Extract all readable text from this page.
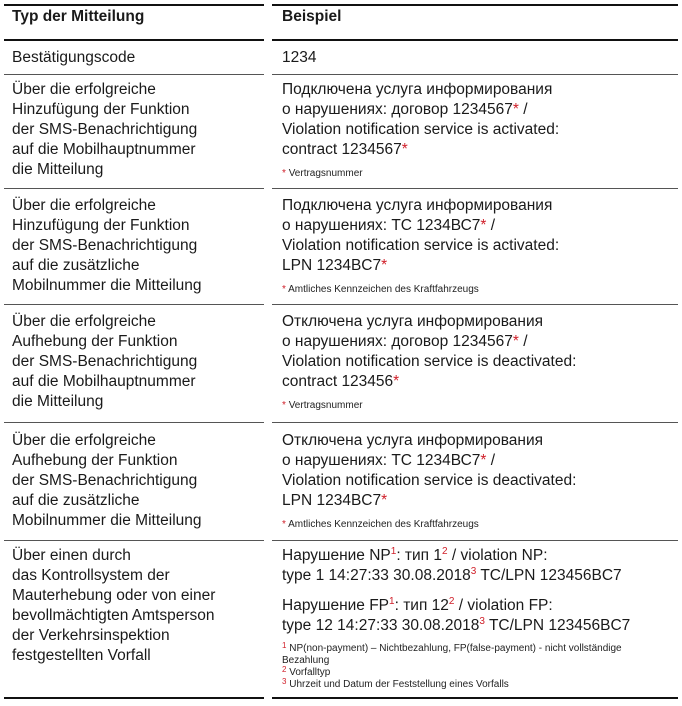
Typ der Mitteilung	Beispiel
Bestätigungscode	1234
Über die erfolgreiche
Hinzufügung der Funktion
der SMS-Benachrichtigung
auf die Mobilhauptnummer
die Mitteilung
Подключена услуга информирования
о нарушениях: договор 1234567* /
Violation notification service is activated:
contract 1234567*
* Vertragsnummer
Über die erfolgreiche
Hinzufügung der Funktion
der SMS-Benachrichtigung
auf die zusätzliche
Mobilnummer die Mitteilung
Подключена услуга информирования
о нарушениях: ТС 1234ВС7* /
Violation notification service is activated:
LPN 1234BC7*
* Amtliches Kennzeichen des Kraftfahrzeugs
Über die erfolgreiche
Aufhebung der Funktion
der SMS-Benachrichtigung
auf die Mobilhauptnummer
die Mitteilung
Отключена услуга информирования
о нарушениях: договор 1234567* /
Violation notification service is deactivated:
contract 123456*
* Vertragsnummer
Über die erfolgreiche
Aufhebung der Funktion
der SMS-Benachrichtigung
auf die zusätzliche
Mobilnummer die Mitteilung
Отключена услуга информирования
о нарушениях: ТС 1234ВС7* /
Violation notification service is deactivated:
LPN 1234BC7*
* Amtliches Kennzeichen des Kraftfahrzeugs
Über einen durch
das Kontrollsystem der
Mauterhebung oder von einer
bevollmächtigten Amtsperson
der Verkehrsinspektion
festgestellten Vorfall
Нарушение $NP^1$: тип $1^2$ / violation NP:
type 1 14:27:33 30.08.2018$^3$ TC/LPN 123456BC7
Нарушение $FP^1$: тип $12^2$ / violation FP:
type 12 14:27:33 30.08.2018$^3$ TC/LPN 123456BC7
$^1$ NP(non-payment) – Nichtbezahlung, FP(false-payment) - nicht vollständige
Bezahlung
$^2$ Vorfalltyp
$^3$ Uhrzeit und Datum der Feststellung eines Vorfalls
